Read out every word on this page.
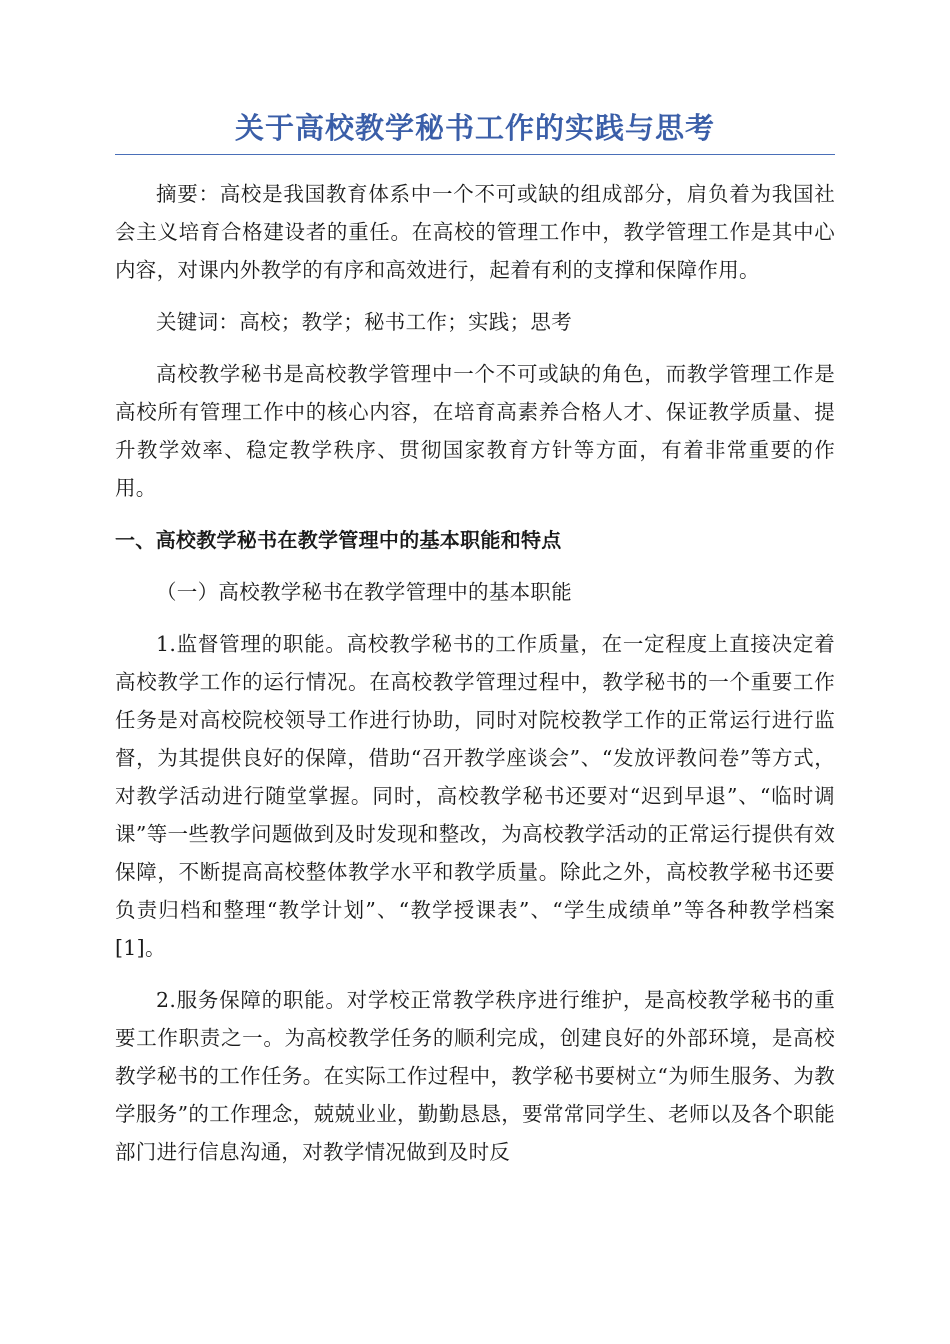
关于高校教学秘书工作的实践与思考

摘要：高校是我国教育体系中一个不可或缺的组成部分，肩负着为我国社会主义培育合格建设者的重任。在高校的管理工作中，教学管理工作是其中心内容，对课内外教学的有序和高效进行，起着有利的支撑和保障作用。

关键词：高校；教学；秘书工作；实践；思考

高校教学秘书是高校教学管理中一个不可或缺的角色，而教学管理工作是高校所有管理工作中的核心内容，在培育高素养合格人才、保证教学质量、提升教学效率、稳定教学秩序、贯彻国家教育方针等方面，有着非常重要的作用。

一、高校教学秘书在教学管理中的基本职能和特点
（一）高校教学秘书在教学管理中的基本职能

1.监督管理的职能。高校教学秘书的工作质量，在一定程度上直接决定着高校教学工作的运行情况。在高校教学管理过程中，教学秘书的一个重要工作任务是对高校院校领导工作进行协助，同时对院校教学工作的正常运行进行监督，为其提供良好的保障，借助“召开教学座谈会”、“发放评教问卷”等方式，对教学活动进行随堂掌握。同时，高校教学秘书还要对“迟到早退”、“临时调课”等一些教学问题做到及时发现和整改，为高校教学活动的正常运行提供有效保障，不断提高高校整体教学水平和教学质量。除此之外，高校教学秘书还要负责归档和整理“教学计划”、“教学授课表”、“学生成绩单”等各种教学档案[1]。

2.服务保障的职能。对学校正常教学秩序进行维护，是高校教学秘书的重要工作职责之一。为高校教学任务的顺利完成，创建良好的外部环境，是高校教学秘书的工作任务。在实际工作过程中，教学秘书要树立“为师生服务、为教学服务”的工作理念，兢兢业业，勤勤恳恳，要常常同学生、老师以及各个职能部门进行信息沟通，对教学情况做到及时反
